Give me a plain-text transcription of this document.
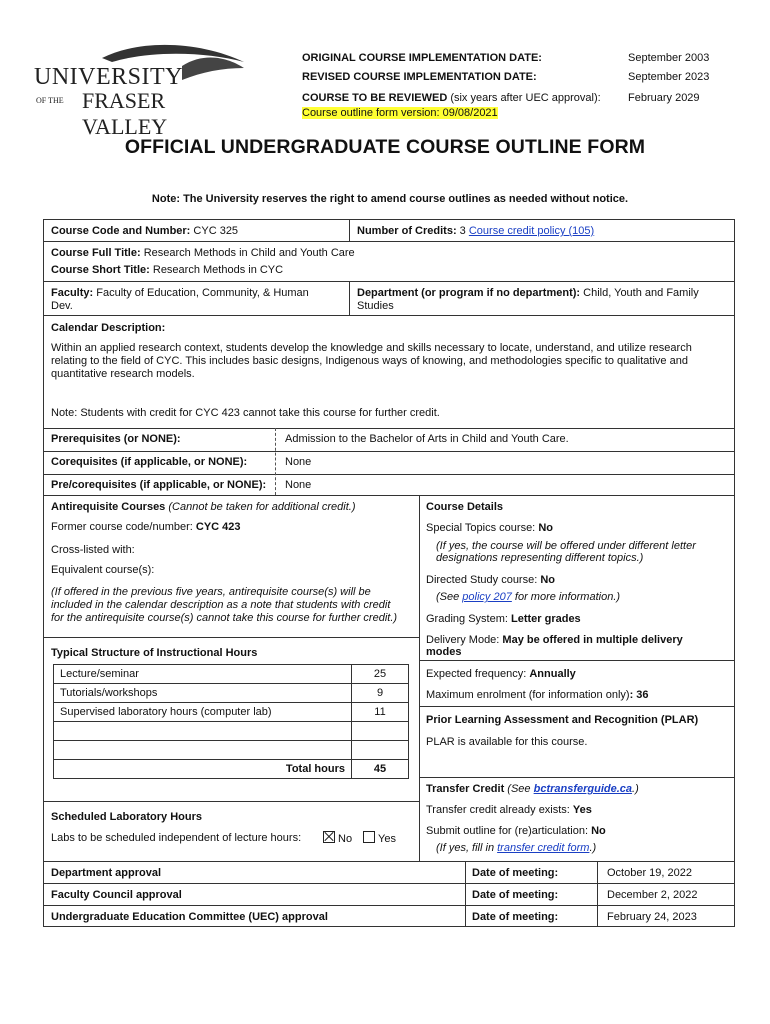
UNIVERSITY
OF THE FRASER VALLEY
ORIGINAL COURSE IMPLEMENTATION DATE:	September 2003
REVISED COURSE IMPLEMENTATION DATE:	September 2023
COURSE TO BE REVIEWED (six years after UEC approval): February 2029
Course outline form version: 09/08/2021
OFFICIAL UNDERGRADUATE COURSE OUTLINE FORM
Note: The University reserves the right to amend course outlines as needed without notice.
Course Code and Number: CYC 325	Number of Credits: 3 Course credit policy (105)
Course Full Title: Research Methods in Child and Youth Care
Course Short Title: Research Methods in CYC
Faculty: Faculty of Education, Community, & Human
Dev.
Department (or program if no department): Child, Youth and Family
Studies
Calendar Description:
Within an applied research context, students develop the knowledge and skills necessary to locate, understand, and utilize research
relating to the field of CYC. This includes basic designs, Indigenous ways of knowing, and methodologies specific to qualitative and
quantitative research models.
Note: Students with credit for CYC 423 cannot take this course for further credit.
Prerequisites (or NONE):	Admission to the Bachelor of Arts in Child and Youth Care.
Corequisites (if applicable, or NONE):	None
Pre/corequisites (if applicable, or NONE): None
Antirequisite Courses (Cannot be taken for additional credit.)
Former course code/number: CYC 423
Cross-listed with:
Equivalent course(s):
(If offered in the previous five years, antirequisite course(s) will be
included in the calendar description as a note that students with credit
for the antirequisite course(s) cannot take this course for further credit.)
Typical Structure of Instructional Hours
Lecture/seminar	25
Tutorials/workshops	9
Supervised laboratory hours (computer lab)	11

Total hours	45
Scheduled Laboratory Hours
Labs to be scheduled independent of lecture hours:	No	Yes
Course Details
Special Topics course: No
(If yes, the course will be offered under different letter
designations representing different topics.)
Directed Study course: No
(See policy 207 for more information.)
Grading System: Letter grades
Delivery Mode: May be offered in multiple delivery
modes
Expected frequency: Annually
Maximum enrolment (for information only): 36
Prior Learning Assessment and Recognition (PLAR)
PLAR is available for this course.
Transfer Credit (See bctransferguide.ca.)
Transfer credit already exists: Yes
Submit outline for (re)articulation: No
(If yes, fill in transfer credit form.)
Department approval	Date of meeting:	October 19, 2022
Faculty Council approval	Date of meeting:	December 2, 2022
Undergraduate Education Committee (UEC) approval	Date of meeting:	February 24, 2023
